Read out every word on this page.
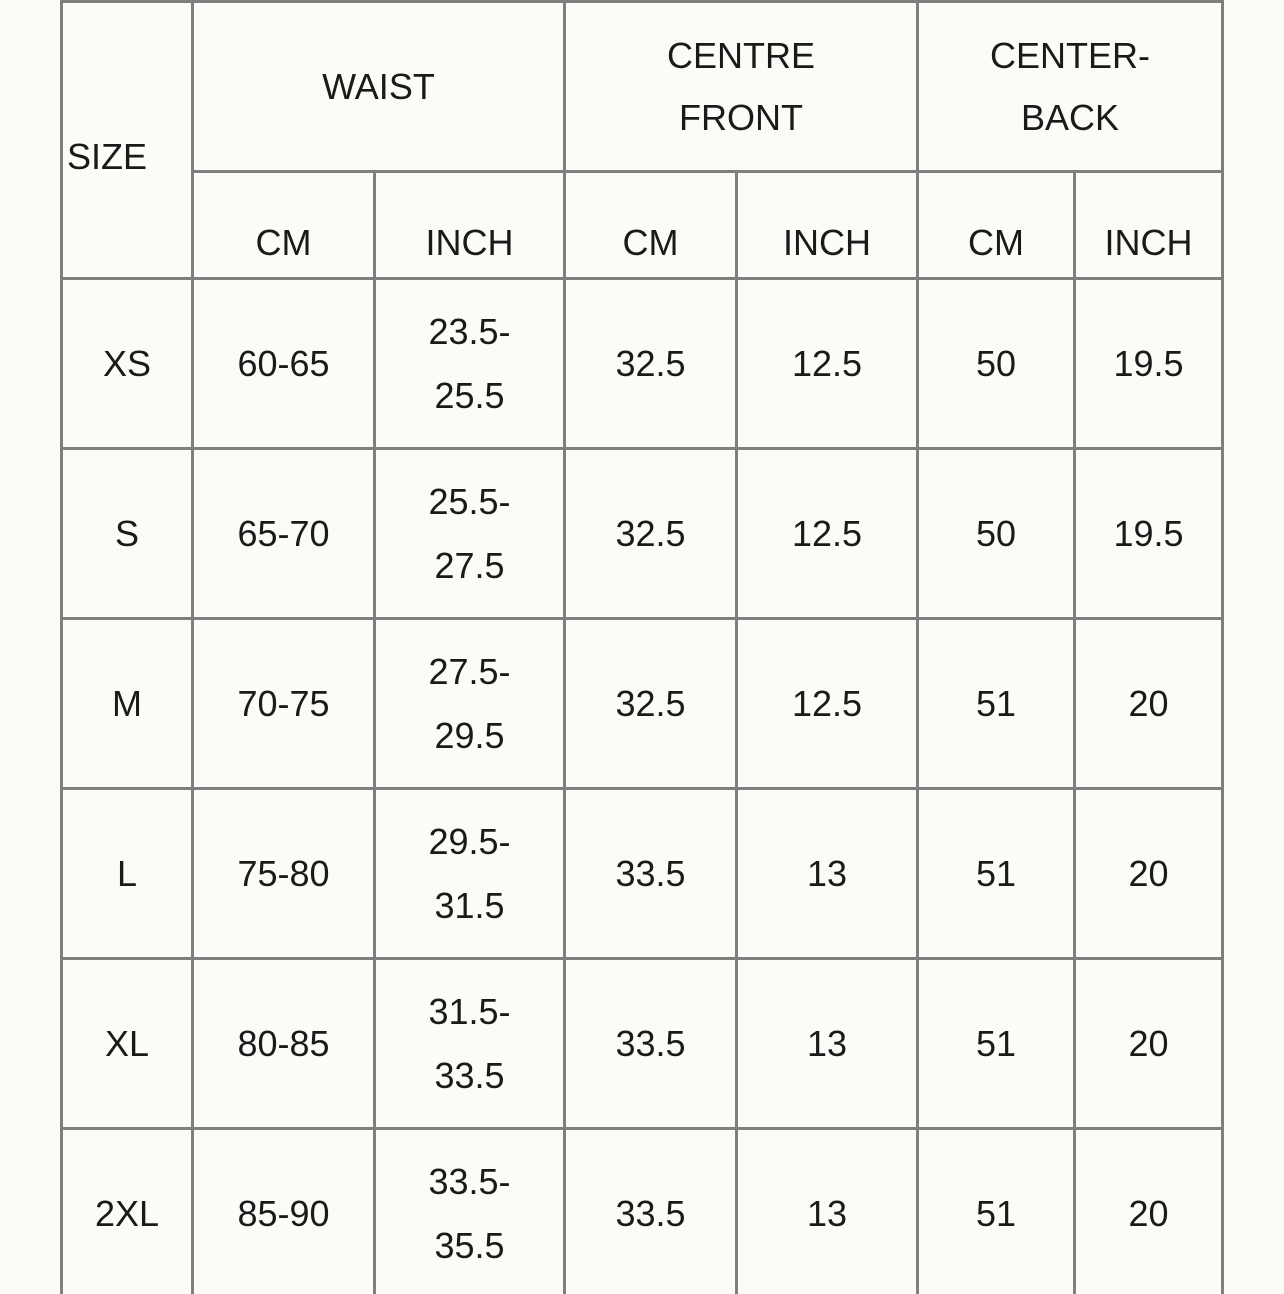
SIZE	WAIST		CENTRE FRONT		CENTER-BACK	
	CM	INCH	CM	INCH	CM	INCH
XS	60-65	23.5-25.5	32.5	12.5	50	19.5
S	65-70	25.5-27.5	32.5	12.5	50	19.5
M	70-75	27.5-29.5	32.5	12.5	51	20
L	75-80	29.5-31.5	33.5	13	51	20
XL	80-85	31.5-33.5	33.5	13	51	20
2XL	85-90	33.5-35.5	33.5	13	51	20
